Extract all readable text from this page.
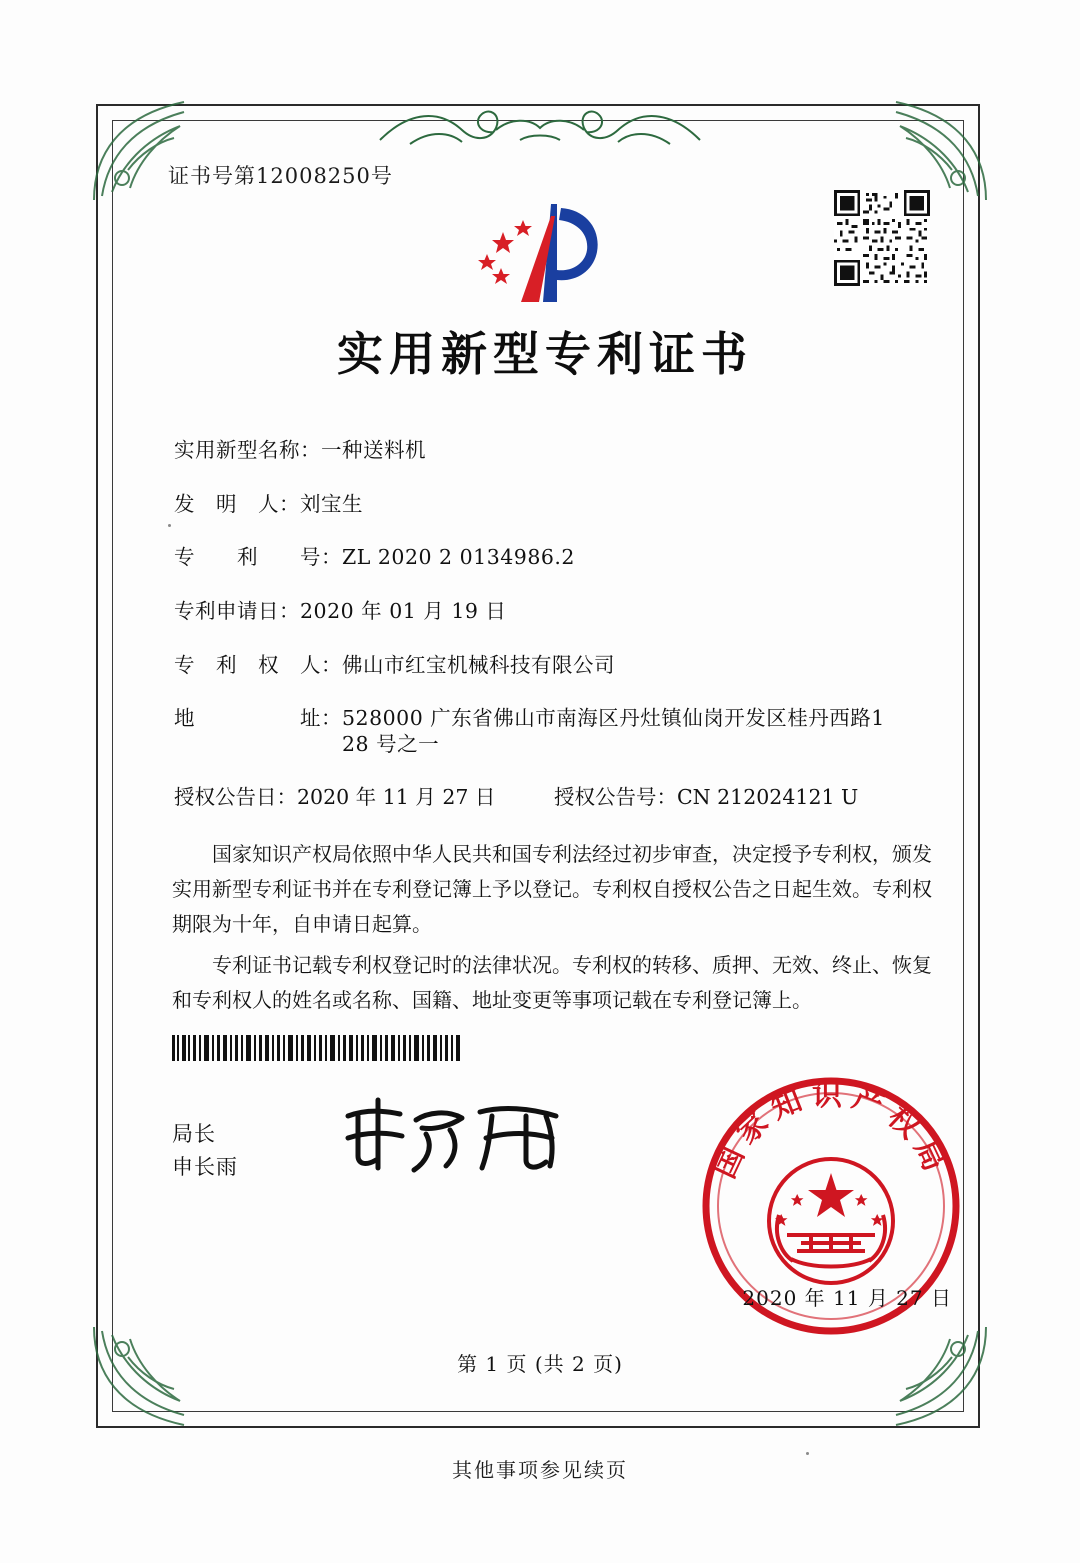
证书号第12008250号
实用新型专利证书
实用新型名称： 一种送料机
发　明　人： 刘宝生
专　　利　　号： ZL 2020 2 0134986.2
专利申请日： 2020 年 01 月 19 日
专　利　权　人： 佛山市红宝机械科技有限公司
地　　　　　址： 528000 广东省佛山市南海区丹灶镇仙岗开发区桂丹西路1
28 号之一
授权公告日： 2020 年 11 月 27 日	授权公告号： CN 212024121 U

国家知识产权局依照中华人民共和国专利法经过初步审查，决定授予专利权，颁发实用新型专利证书并在专利登记簿上予以登记。专利权自授权公告之日起生效。专利权期限为十年，自申请日起算。

专利证书记载专利权登记时的法律状况。专利权的转移、质押、无效、终止、恢复和专利权人的姓名或名称、国籍、地址变更等事项记载在专利登记簿上。

局长
申长雨	国家知识产权局
2020 年 11 月 27 日
第 1 页 (共 2 页)
其他事项参见续页
